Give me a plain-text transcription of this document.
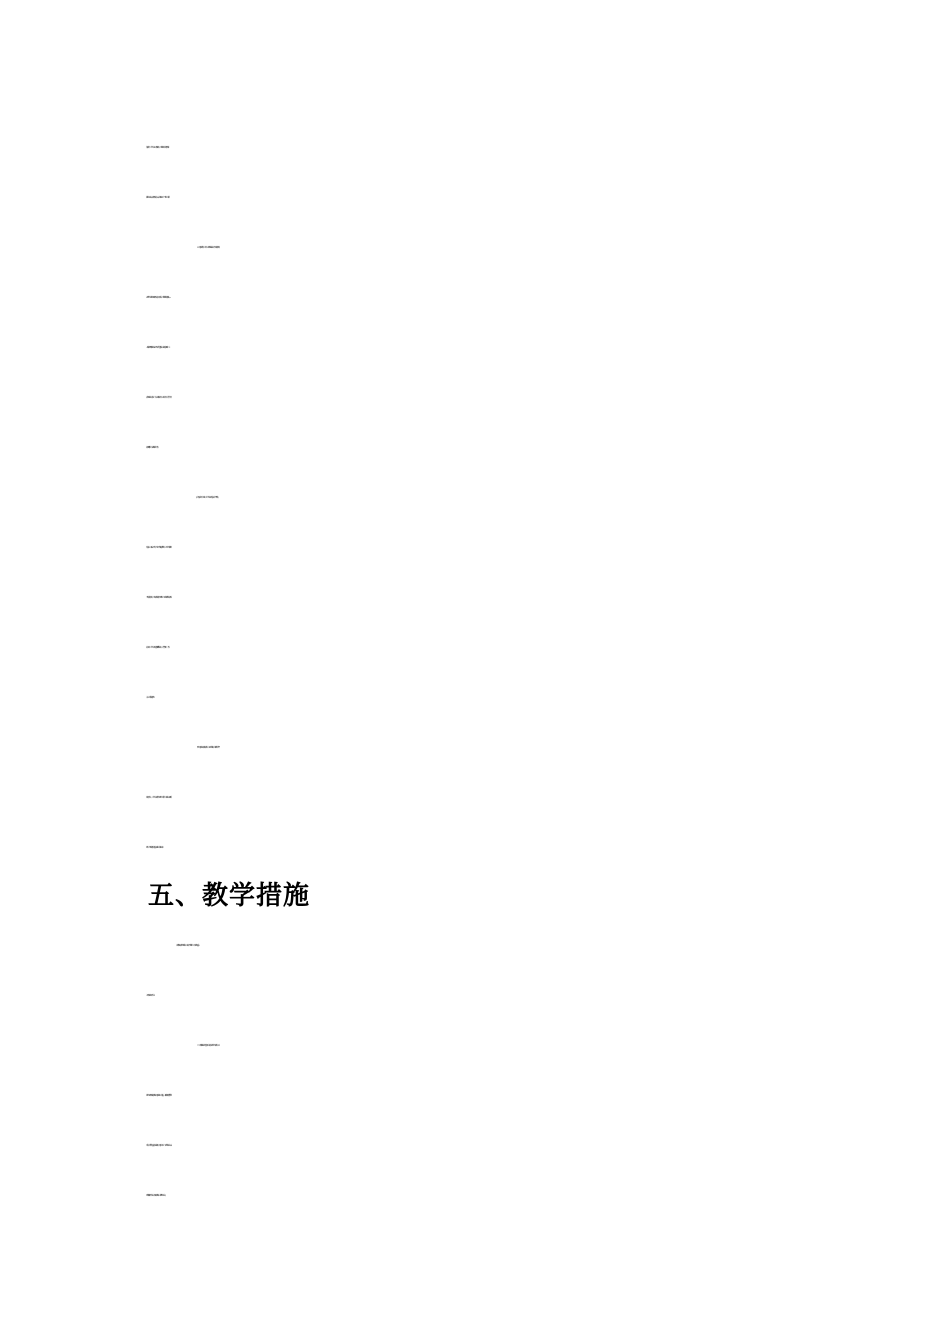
良品行。让学生在”心灵驿站”中，正确认识自我,了解并
掌握与他人友好相处的方法，做到公正、互助、诚信.
（二）通过观察，访问，认识地球是人类共同的家园。
这里有与我们息息相生的山川河流，也有我们的朋友—-
—-各种动植物,它们是人类生存的基础、进展的源泉。生
活在地球上的每一个人在接触自然、认识自然、欣赏自然
的同时,理应自觉地保护自然。
(三）通过访问，调查，让学生认识社会这个大舞台。
社会是一本取之不尽，用之不竭的活教材，它为学习提供
了鲜活的材料，也为活动拓展了感性、生动和富有人情味
的空间。让学生在“社会频道"版块中，培育团结、合作、
交往、创新的能力.
（四）通过参加各种活动，在动手动脑，探究科学奥
妙的平台上，让学生在观察与思考、创新与实践中去感受
创作、劳动的艰辛,体会乐趣、收获成功.
五、教学措施
本课程以活动为载体、以综合为特征、以实践为重点.
主要采纳如下形式:
（一）以课题讨论为基本形式的讨论性学习活动。选
择学生感兴趣的问题，通过调查、测量、文献资料搜集等
手段，收集大量的讨论资料，通过实验、实证等讨论方法
对课题展开讨论，解决问题，并撰写小论文。
